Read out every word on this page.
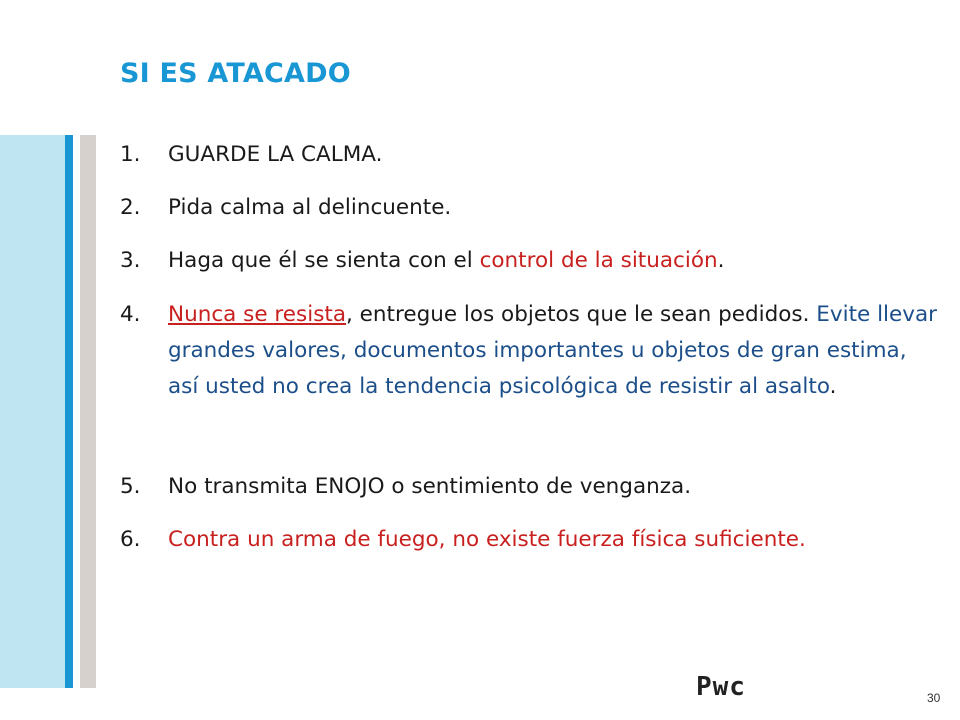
SI ES ATACADO
1.	GUARDE LA CALMA.
2.	Pida calma al delincuente.
3.	Haga que él se sienta con el control de la situación.
4.	Nunca se resista, entregue los objetos que le sean pedidos. Evite llevar grandes valores, documentos importantes u objetos de gran estima, así usted no crea la tendencia psicológica de resistir al asalto.
5.	No transmita ENOJO o sentimiento de venganza.
6.	Contra un arma de fuego, no existe fuerza física suficiente.
Pwc	30
